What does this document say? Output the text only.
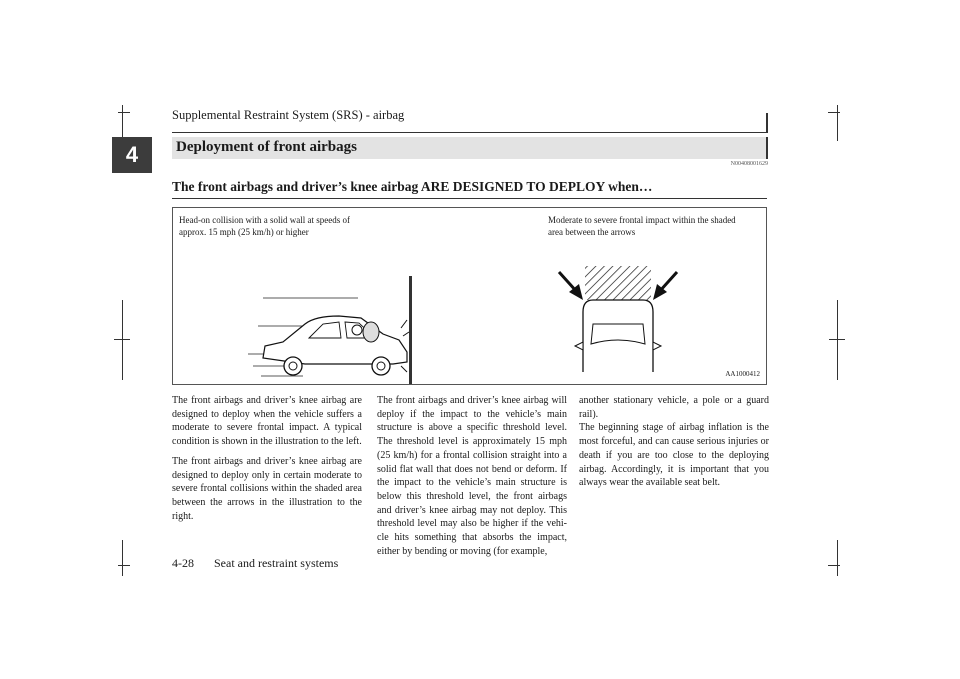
Supplemental Restraint System (SRS) - airbag
4	Deployment of front airbags
N00408001629
The front airbags and driver’s knee airbag ARE DESIGNED TO DEPLOY when…
Head-on collision with a solid wall at speeds of
approx. 15 mph (25 km/h) or higher
Moderate to severe frontal impact within the shaded
area between the arrows
AA1000412

The front airbags and driver’s knee airbag are designed to deploy when the vehicle suffers a moderate to severe frontal impact. A typical condition is shown in the illustration to the left.

The front airbags and driver’s knee airbag are designed to deploy only in certain moderate to severe frontal collisions within the shaded area between the arrows in the illustration to the right.

The front airbags and driver’s knee airbag will deploy if the impact to the vehicle’s main structure is above a specific threshold level. The threshold level is approximately 15 mph (25 km/h) for a frontal collision straight into a solid flat wall that does not bend or deform. If the impact to the vehicle’s main structure is below this threshold level, the front airbags and driver’s knee airbag may not deploy. This threshold level may also be higher if the vehi-cle hits something that absorbs the impact, either by bending or moving (for example,

another stationary vehicle, a pole or a guard rail).

The beginning stage of airbag inflation is the most forceful, and can cause serious injuries or death if you are too close to the deploying airbag. Accordingly, it is important that you always wear the available seat belt.

4-28 Seat and restraint systems
